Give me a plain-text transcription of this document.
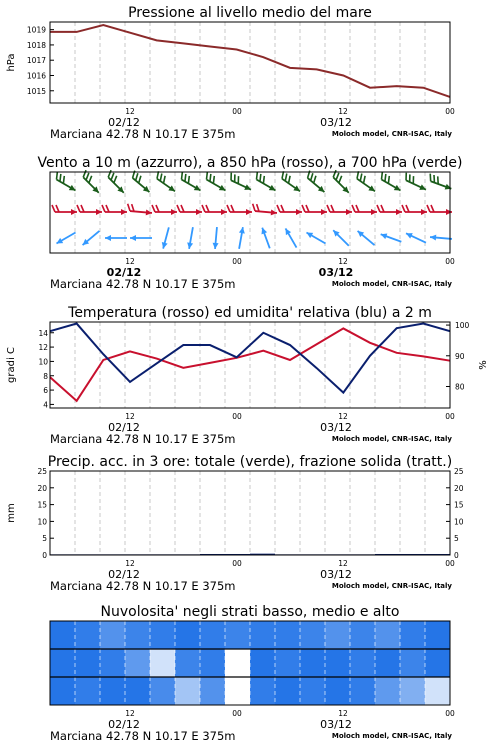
Pressione al livello medio del mare
12	00	12	00
02/12	03/12
Marciana 42.78 N 10.17 E 375m	Moloch model, CNR-ISAC, Italy
1015
1016
1017
1018
1019
hPa
Vento a 10 m (azzurro), a 850 hPa (rosso), a 700 hPa (verde)
12	00	12	00
02/12	03/12
Marciana 42.78 N 10.17 E 375m	Moloch model, CNR-ISAC, Italy
Temperatura (rosso) ed umidita' relativa (blu) a 2 m
12	00	12	00
02/12	03/12
Marciana 42.78 N 10.17 E 375m	Moloch model, CNR-ISAC, Italy
4
6
8
10
12
14
80
90
100
gradi C	%
Precip. acc. in 3 ore: totale (verde), frazione solida (tratt.)
12	00	12	00
02/12	03/12
Marciana 42.78 N 10.17 E 375m	Moloch model, CNR-ISAC, Italy
0	0
5	5
10	10
15	15
20	20
25	25
mm
Nuvolosita' negli strati basso, medio e alto
12	00	12	00
02/12	03/12
Marciana 42.78 N 10.17 E 375m	Moloch model, CNR-ISAC, Italy
